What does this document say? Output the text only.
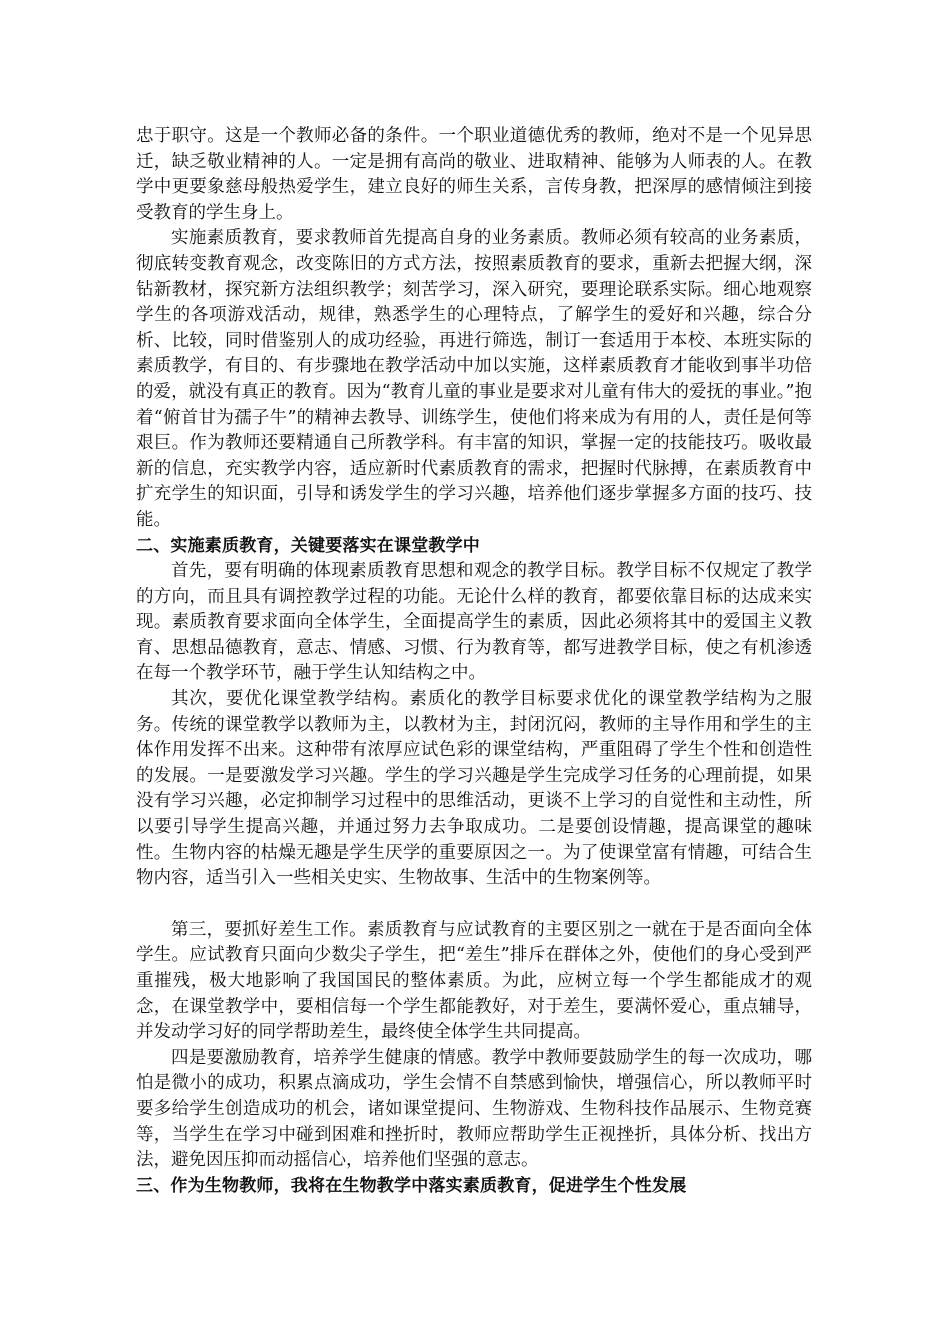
忠于职守。这是一个教师必备的条件。一个职业道德优秀的教师，绝对不是一个见异思迁，缺乏敬业精神的人。一定是拥有高尚的敬业、进取精神、能够为人师表的人。在教学中更要象慈母般热爱学生，建立良好的师生关系，言传身教，把深厚的感情倾注到接受教育的学生身上。

实施素质教育，要求教师首先提高自身的业务素质。教师必须有较高的业务素质，彻底转变教育观念，改变陈旧的方式方法，按照素质教育的要求，重新去把握大纲，深钻新教材，探究新方法组织教学；刻苦学习，深入研究，要理论联系实际。细心地观察学生的各项游戏活动，规律，熟悉学生的心理特点，了解学生的爱好和兴趣，综合分析、比较，同时借鉴别人的成功经验，再进行筛选，制订一套适用于本校、本班实际的素质教学，有目的、有步骤地在教学活动中加以实施，这样素质教育才能收到事半功倍的爱，就没有真正的教育。因为“教育儿童的事业是要求对儿童有伟大的爱抚的事业。”抱着“俯首甘为孺子牛”的精神去教导、训练学生，使他们将来成为有用的人，责任是何等艰巨。作为教师还要精通自己所教学科。有丰富的知识，掌握一定的技能技巧。吸收最新的信息，充实教学内容，适应新时代素质教育的需求，把握时代脉搏，在素质教育中扩充学生的知识面，引导和诱发学生的学习兴趣，培养他们逐步掌握多方面的技巧、技能。

二、实施素质教育，关键要落实在课堂教学中

首先，要有明确的体现素质教育思想和观念的教学目标。教学目标不仅规定了教学的方向，而且具有调控教学过程的功能。无论什么样的教育，都要依靠目标的达成来实现。素质教育要求面向全体学生，全面提高学生的素质，因此必须将其中的爱国主义教育、思想品德教育，意志、情感、习惯、行为教育等，都写进教学目标，使之有机渗透在每一个教学环节，融于学生认知结构之中。

其次，要优化课堂教学结构。素质化的教学目标要求优化的课堂教学结构为之服务。传统的课堂教学以教师为主，以教材为主，封闭沉闷，教师的主导作用和学生的主体作用发挥不出来。这种带有浓厚应试色彩的课堂结构，严重阻碍了学生个性和创造性的发展。一是要激发学习兴趣。学生的学习兴趣是学生完成学习任务的心理前提，如果没有学习兴趣，必定抑制学习过程中的思维活动，更谈不上学习的自觉性和主动性，所以要引导学生提高兴趣，并通过努力去争取成功。二是要创设情趣，提高课堂的趣味性。生物内容的枯燥无趣是学生厌学的重要原因之一。为了使课堂富有情趣，可结合生物内容，适当引入一些相关史实、生物故事、生活中的生物案例等。

第三，要抓好差生工作。素质教育与应试教育的主要区别之一就在于是否面向全体学生。应试教育只面向少数尖子学生，把“差生”排斥在群体之外，使他们的身心受到严重摧残，极大地影响了我国国民的整体素质。为此，应树立每一个学生都能成才的观念，在课堂教学中，要相信每一个学生都能教好，对于差生，要满怀爱心，重点辅导，并发动学习好的同学帮助差生，最终使全体学生共同提高。

四是要激励教育，培养学生健康的情感。教学中教师要鼓励学生的每一次成功，哪怕是微小的成功，积累点滴成功，学生会情不自禁感到愉快，增强信心，所以教师平时要多给学生创造成功的机会，诸如课堂提问、生物游戏、生物科技作品展示、生物竞赛等，当学生在学习中碰到困难和挫折时，教师应帮助学生正视挫折，具体分析、找出方法，避免因压抑而动摇信心，培养他们坚强的意志。

三、作为生物教师，我将在生物教学中落实素质教育，促进学生个性发展
